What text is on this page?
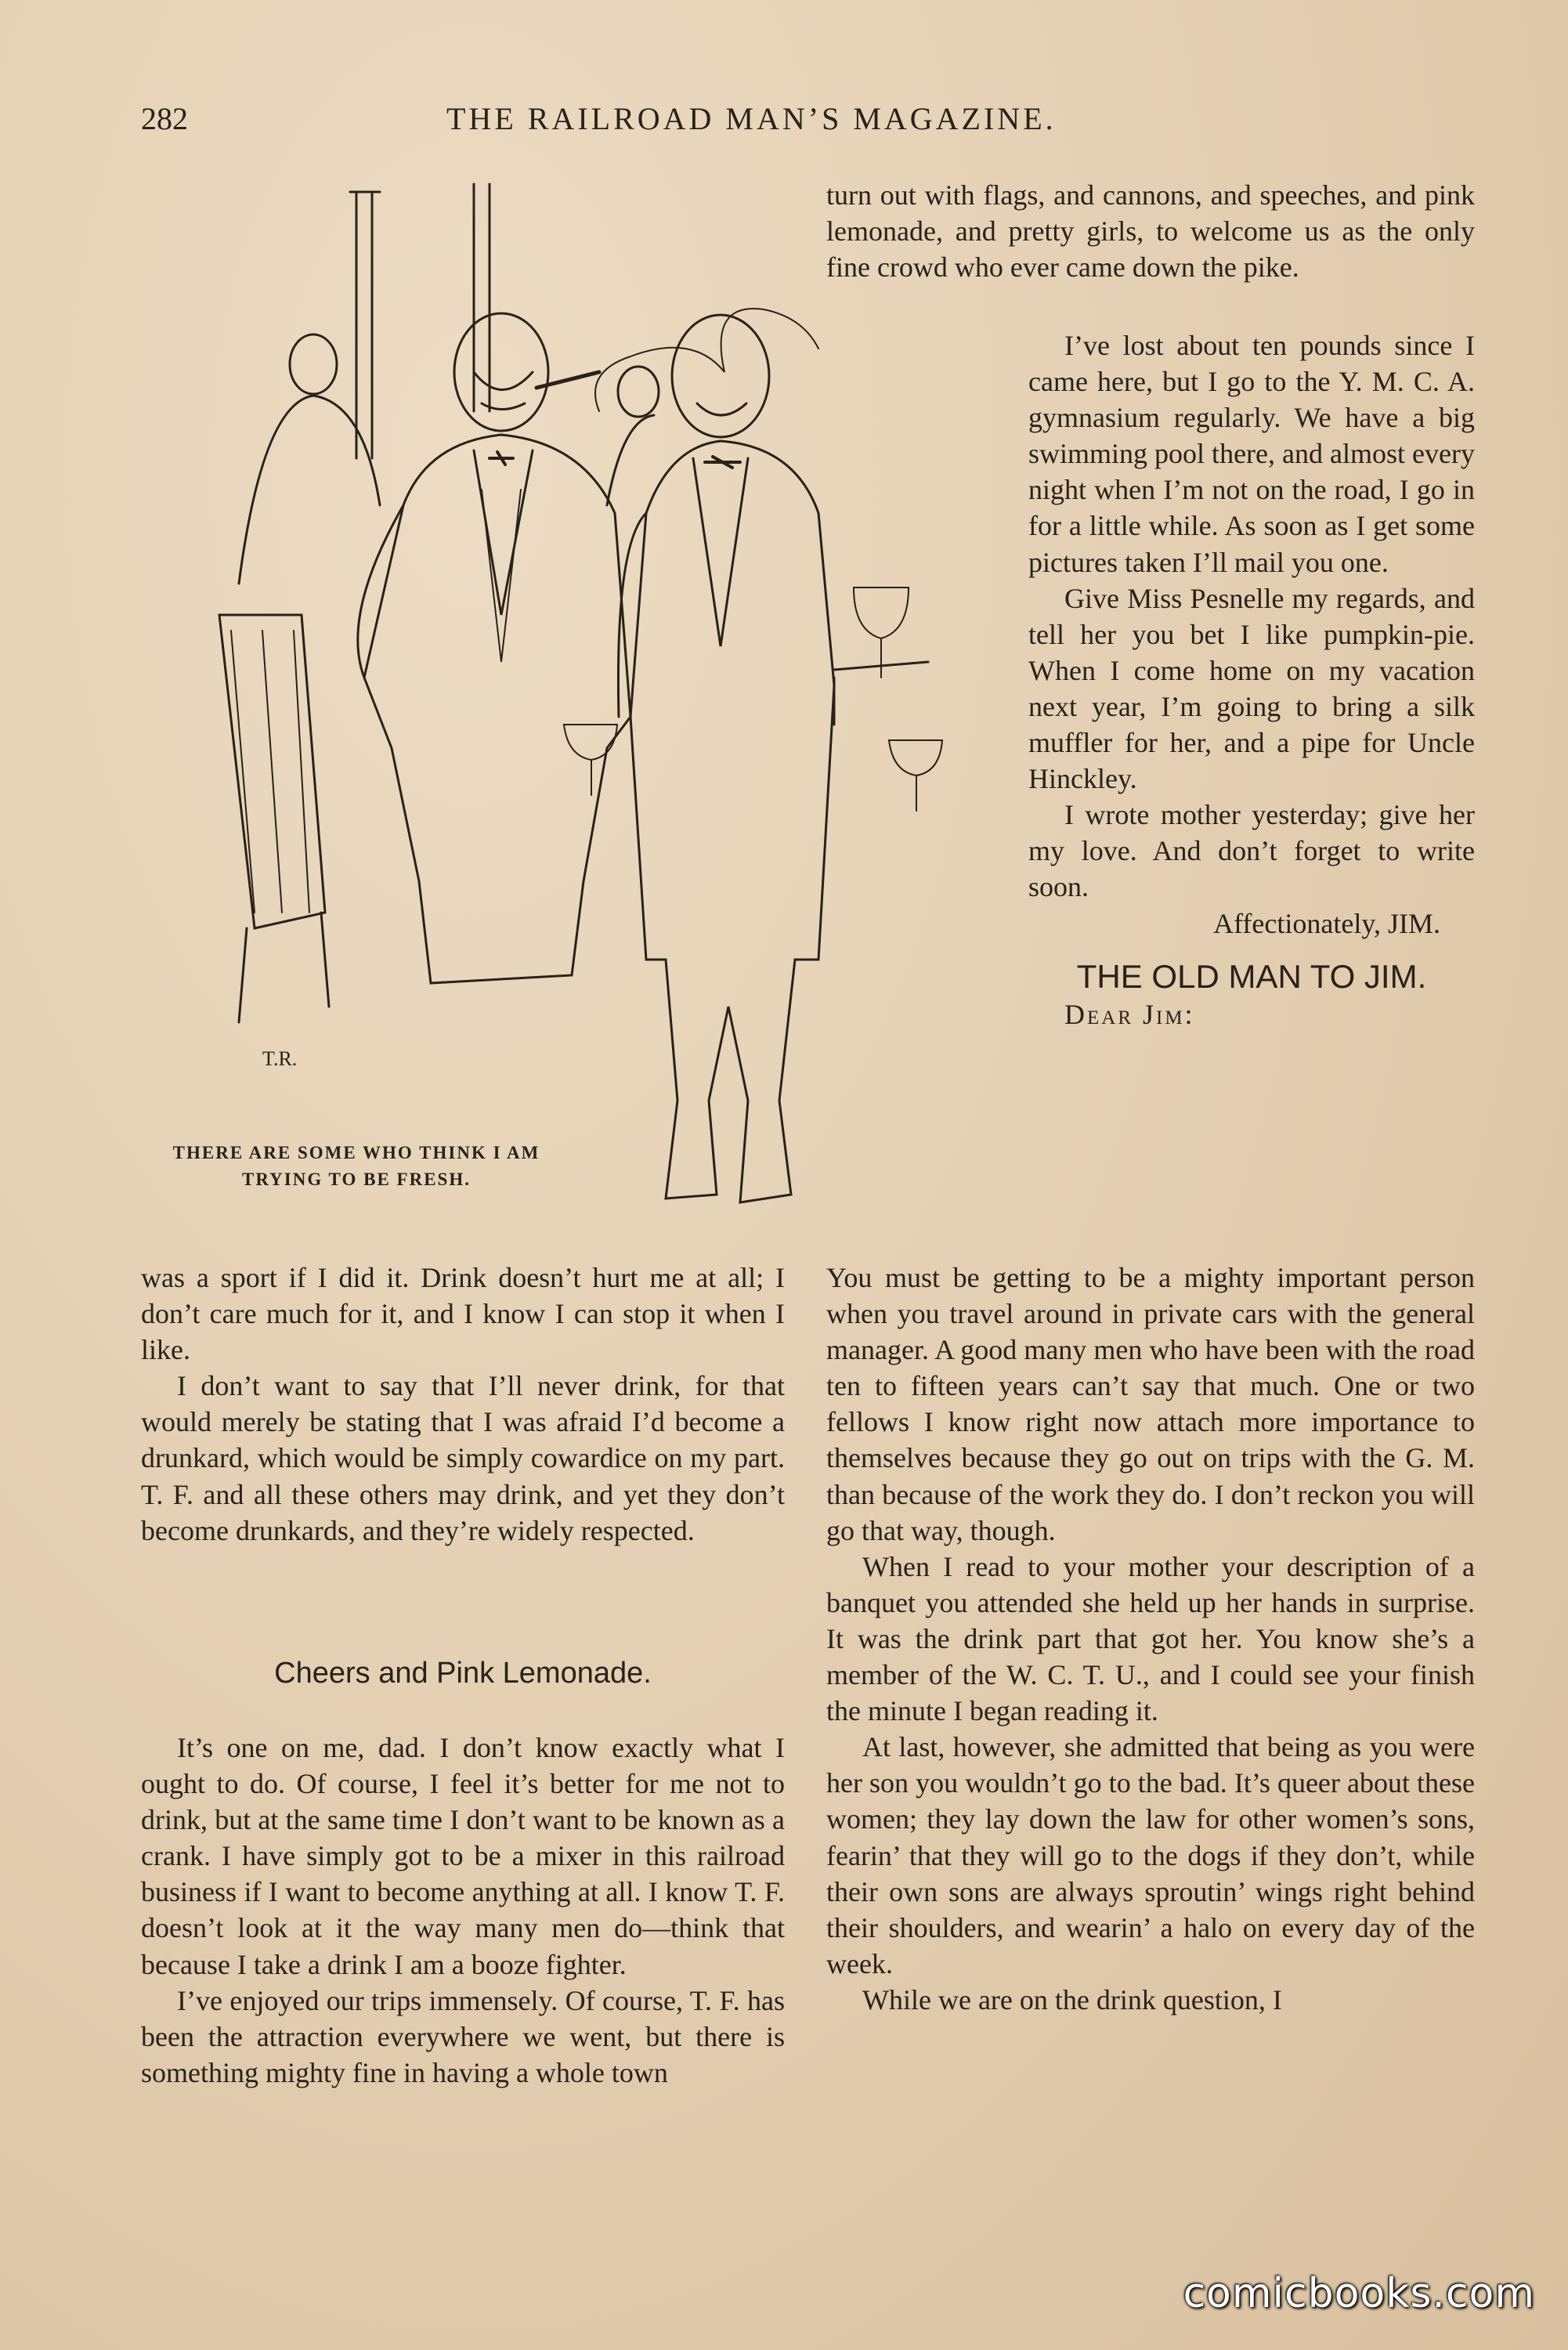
282	THE RAILROAD MAN’S MAGAZINE.
T.R.
THERE ARE SOME WHO THINK I AM TRYING TO BE FRESH.

turn out with flags, and cannons, and speeches, and pink lemonade, and pretty girls, to welcome us as the only fine crowd who ever came down the pike.

I’ve lost about ten pounds since I came here, but I go to the Y. M. C. A. gymnasium regularly. We have a big swimming pool there, and almost every night when I’m not on the road, I go in for a little while. As soon as I get some pictures taken I’ll mail you one.

Give Miss Pesnelle my regards, and tell her you bet I like pumpkin-pie. When I come home on my vacation next year, I’m going to bring a silk muffler for her, and a pipe for Uncle Hinckley.

I wrote mother yesterday; give her my love. And don’t forget to write soon.

Affectionately, JIM.

THE OLD MAN TO JIM.

Dear Jim:

You must be getting to be a mighty important person when you travel around in private cars with the general manager. A good many men who have been with the road ten to fifteen years can’t say that much. One or two fellows I know right now attach more importance to themselves because they go out on trips with the G. M. than because of the work they do. I don’t reckon you will go that way, though.

When I read to your mother your description of a banquet you attended she held up her hands in surprise. It was the drink part that got her. You know she’s a member of the W. C. T. U., and I could see your finish the minute I began reading it.

At last, however, she admitted that being as you were her son you wouldn’t go to the bad. It’s queer about these women; they lay down the law for other women’s sons, fearin’ that they will go to the dogs if they don’t, while their own sons are always sproutin’ wings right behind their shoulders, and wearin’ a halo on every day of the week.

While we are on the drink question, I

was a sport if I did it. Drink doesn’t hurt me at all; I don’t care much for it, and I know I can stop it when I like.

I don’t want to say that I’ll never drink, for that would merely be stating that I was afraid I’d become a drunkard, which would be simply cowardice on my part. T. F. and all these others may drink, and yet they don’t become drunkards, and they’re widely respected.

Cheers and Pink Lemonade.

It’s one on me, dad. I don’t know exactly what I ought to do. Of course, I feel it’s better for me not to drink, but at the same time I don’t want to be known as a crank. I have simply got to be a mixer in this railroad business if I want to become anything at all. I know T. F. doesn’t look at it the way many men do—think that because I take a drink I am a booze fighter.

I’ve enjoyed our trips immensely. Of course, T. F. has been the attraction everywhere we went, but there is something mighty fine in having a whole town

comicbooks.com
